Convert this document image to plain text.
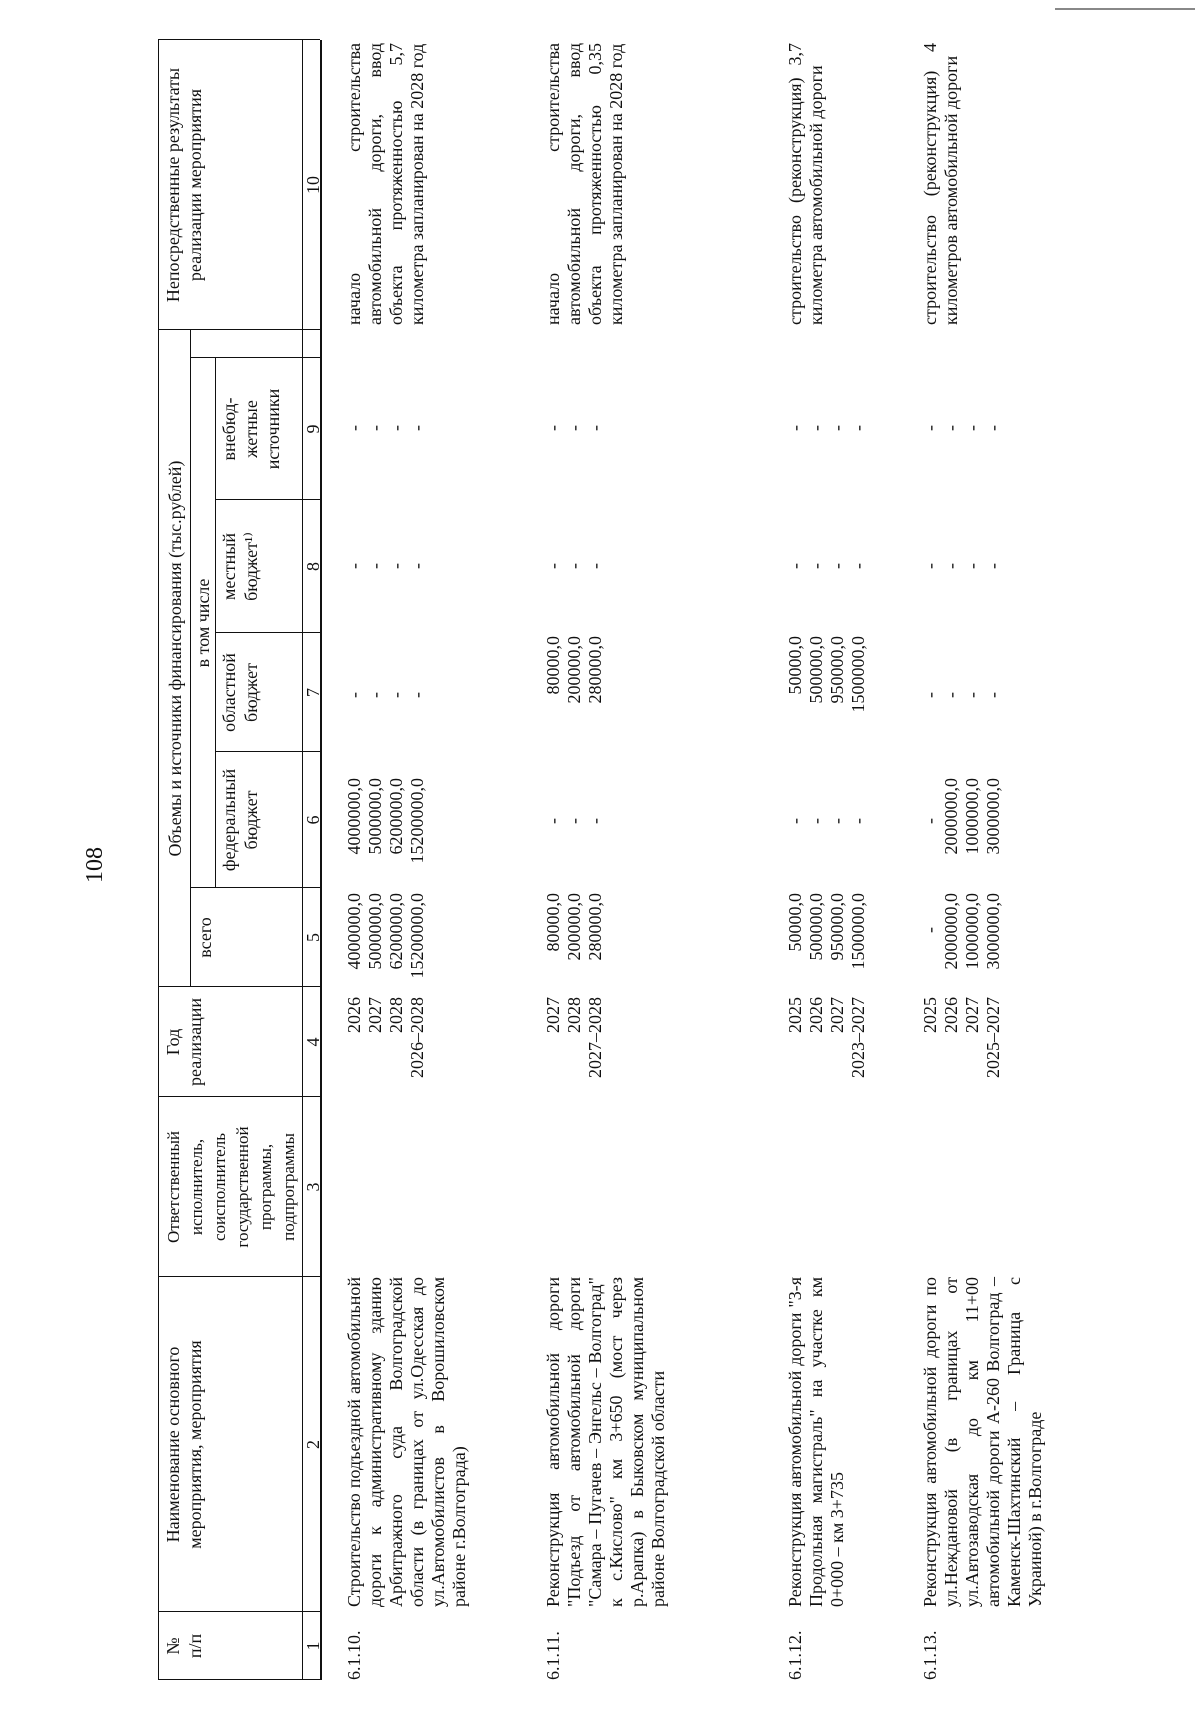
108
№
п/п
Наименование основного
мероприятия, мероприятия
Ответственный
исполнитель,
соисполнитель
государственной
программы,
подпрограммы
Год
реализации
Объемы и источники финансирования (тыс.рублей)
всего
в том числе
федеральный
бюджет
областной
бюджет
местный
бюджет¹⁾
внебюд-
жетные
источники
Непосредственные результаты
реализации мероприятия
1
2
3
4
5
6
7
8
9
10
6.1.10.
Строительство подъездной автомобильной дороги к административному зданию Арбитражного суда Волгоградской области (в границах от ул.Одесская до ул.Автомобилистов в Ворошиловском районе г.Волгограда)
2026 2027 2028 2026–2028
4000000,0 5000000,0 6200000,0 15200000,0
4000000,0 5000000,0 6200000,0 15200000,0
- - - -
- - - -
- - - -
начало строительства автомобильной дороги, ввод объекта протяженностью 5,7 километра запланирован на 2028 год
6.1.11.
Реконструкция автомобильной дороги "Подъезд от автомобильной дороги "Самара – Пугачев – Энгельс – Волгоград" к с.Кислово" км 3+650 (мост через р.Арапка) в Быковском муниципальном районе Волгоградской области
2027 2028 2027–2028
80000,0 200000,0 280000,0
- - -
80000,0 200000,0 280000,0
- - -
- - -
начало строительства автомобильной дороги, ввод объекта протяженностью 0,35 километра запланирован на 2028 год
6.1.12.
Реконструкция автомобильной дороги "3-я Продольная магистраль" на участке км 0+000 – км 3+735
2025 2026 2027 2023–2027
50000,0 500000,0 950000,0 1500000,0
- - - -
50000,0 500000,0 950000,0 1500000,0
- - - -
- - - -
строительство (реконструкция) 3,7 километра автомобильной дороги
6.1.13.
Реконструкция автомобильной дороги по ул.Неждановой (в границах от ул.Автозаводская до км 11+00 автомобильной дороги А-260 Волгоград – Каменск-Шахтинский – Граница с Украиной) в г.Волгограде
2025 2026 2027 2025–2027
- 2000000,0 1000000,0 3000000,0
- 2000000,0 1000000,0 3000000,0
- - - -
- - - -
- - - -
строительство (реконструкция) 4 километров автомобильной дороги
